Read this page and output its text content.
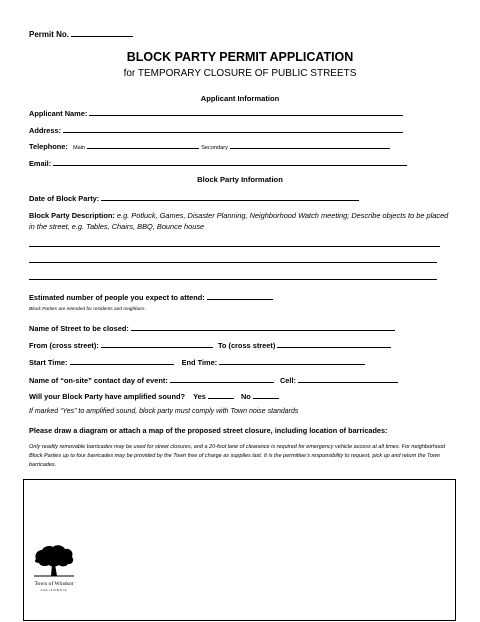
Permit No.
BLOCK PARTY PERMIT APPLICATION
for TEMPORARY CLOSURE OF PUBLIC STREETS
Applicant Information
Applicant Name:
Address:
Telephone: Main	Secondary
Email:
Block Party Information
Date of Block Party:
Block Party Description: e.g. Potluck, Games, Disaster Planning, Neighborhood Watch meeting; Describe objects to be placed in the street, e.g. Tables, Chairs, BBQ, Bounce house
Estimated number of people you expect to attend:
Block Parties are intended for residents and neighbors.
Name of Street to be closed:
From (cross street):	To (cross street)
Start Time:	End Time:
Name of “on-site” contact day of event:	Cell:
Will your Block Party have amplified sound? Yes	No
If marked “Yes” to amplified sound, block party must comply with Town noise standards
Please draw a diagram or attach a map of the proposed street closure, including location of barricades:
Only readily removable barricades may be used for street closures, and a 20-foot lane of clearance is required for emergency vehicle access at all times. For neighborhood Block Parties up to four barricades may be provided by the Town free of charge as supplies last. It is the permittee’s responsibility to request, pick up and return the Town barricades.
Town of Windsor
CALIFORNIA
